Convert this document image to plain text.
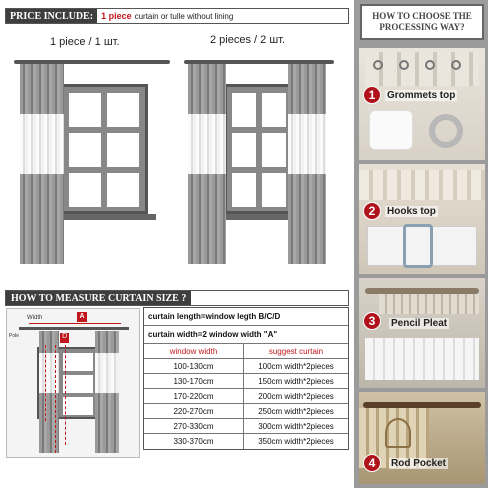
PRICE INCLUDE: 1 piece curtain or tulle without lining
1 piece / 1 шт.	2 pieces / 2 шт.
HOW TO MEASURE CURTAIN SIZE ?
Width	A
Pole	D
curtain length=window legth B/C/D
curtain width=2 window width "A"
window width	suggest curtain
100-130cm	100cm width*2pieces
130-170cm	150cm width*2pieces
170-220cm	200cm width*2pieces
220-270cm	250cm width*2pieces
270-330cm	300cm width*2pieces
330-370cm	350cm width*2pieces
HOW TO CHOOSE THE
PROCESSING WAY?
1	Grommets top
2	Hooks top
3	Pencil Pleat
4	Rod Pocket
